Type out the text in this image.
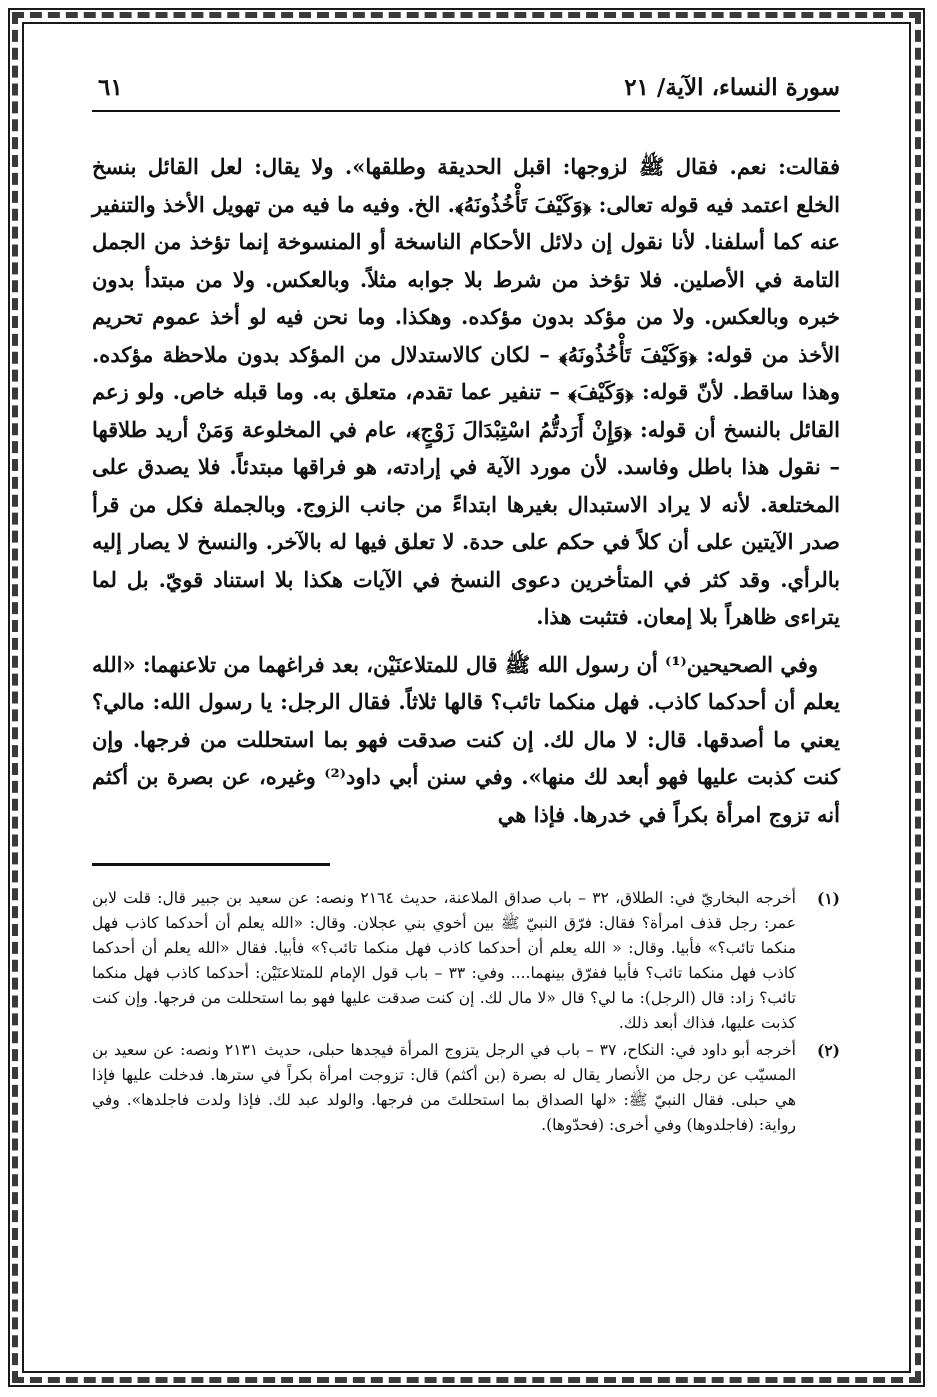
سورة النساء، الآية/ ٢١
٦١

فقالت: نعم. فقال ﷺ لزوجها: اقبل الحديقة وطلقها». ولا يقال: لعل القائل بنسخ الخلع اعتمد فيه قوله تعالى: ﴿وَكَيْفَ تَأْخُذُونَهُ﴾. الخ. وفيه ما فيه من تهويل الأخذ والتنفير عنه كما أسلفنا. لأنا نقول إن دلائل الأحكام الناسخة أو المنسوخة إنما تؤخذ من الجمل التامة في الأصلين. فلا تؤخذ من شرط بلا جوابه مثلاً. وبالعكس. ولا من مبتدأ بدون خبره وبالعكس. ولا من مؤكد بدون مؤكده. وهكذا. وما نحن فيه لو أخذ عموم تحريم الأخذ من قوله: ﴿وَكَيْفَ تَأْخُذُونَهُ﴾ – لكان كالاستدلال من المؤكد بدون ملاحظة مؤكده. وهذا ساقط. لأنّ قوله: ﴿وَكَيْفَ﴾ – تنفير عما تقدم، متعلق به. وما قبله خاص. ولو زعم القائل بالنسخ أن قوله: ﴿وَإِنْ أَرَدتُّمُ اسْتِبْدَالَ زَوْجٍ﴾، عام في المخلوعة وَمَنْ أريد طلاقها – نقول هذا باطل وفاسد. لأن مورد الآية في إرادته، هو فراقها مبتدئاً. فلا يصدق على المختلعة. لأنه لا يراد الاستبدال بغيرها ابتداءً من جانب الزوج. وبالجملة فكل من قرأ صدر الآيتين على أن كلاً في حكم على حدة. لا تعلق فيها له بالآخر. والنسخ لا يصار إليه بالرأي. وقد كثر في المتأخرين دعوى النسخ في الآيات هكذا بلا استناد قويّ. بل لما يتراءى ظاهراً بلا إمعان. فتثبت هذا.

وفي الصحيحين⁽¹⁾ أن رسول الله ﷺ قال للمتلاعنَيْن، بعد فراغهما من تلاعنهما: «الله يعلم أن أحدكما كاذب. فهل منكما تائب؟ قالها ثلاثاً. فقال الرجل: يا رسول الله: مالي؟ يعني ما أصدقها. قال: لا مال لك. إن كنت صدقت فهو بما استحللت من فرجها. وإن كنت كذبت عليها فهو أبعد لك منها». وفي سنن أبي داود⁽²⁾ وغيره، عن بصرة بن أكثم أنه تزوج امرأة بكراً في خدرها. فإذا هي

(١)
أخرجه البخاريّ في: الطلاق، ٣٢ – باب صداق الملاعنة، حديث ٢١٦٤ ونصه: عن سعيد بن جبير قال: قلت لابن عمر: رجل قذف امرأة؟ فقال: فرّق النبيّ ﷺ بين أخوي بني عجلان. وقال: «الله يعلم أن أحدكما كاذب فهل منكما تائب؟» فأبيا. وقال: « الله يعلم أن أحدكما كاذب فهل منكما تائب؟» فأبيا. فقال «الله يعلم أن أحدكما كاذب فهل منكما تائب؟ فأبيا ففرّق بينهما.... وفي: ٣٣ – باب قول الإمام للمتلاعنَيْن: أحدكما كاذب فهل منكما تائب؟ زاد: قال (الرجل): ما لي؟ قال «لا مال لك. إن كنت صدقت عليها فهو بما استحللت من فرجها. وإن كنت كذبت عليها، فذاك أبعد ذلك.
(٢)
أخرجه أبو داود في: النكاح، ٣٧ – باب في الرجل يتزوج المرأة فيجدها حبلى، حديث ٢١٣١ ونصه: عن سعيد بن المسيّب عن رجل من الأنصار يقال له بصرة (بن أكثم) قال: تزوجت امرأة بكراً في سترها. فدخلت عليها فإذا هي حبلى. فقال النبيّ ﷺ: «لها الصداق بما استحللتَ من فرجها. والولد عبد لك. فإذا ولدت فاجلدها». وفي رواية: (فاجلدوها) وفي أخرى: (فحدّوها).
